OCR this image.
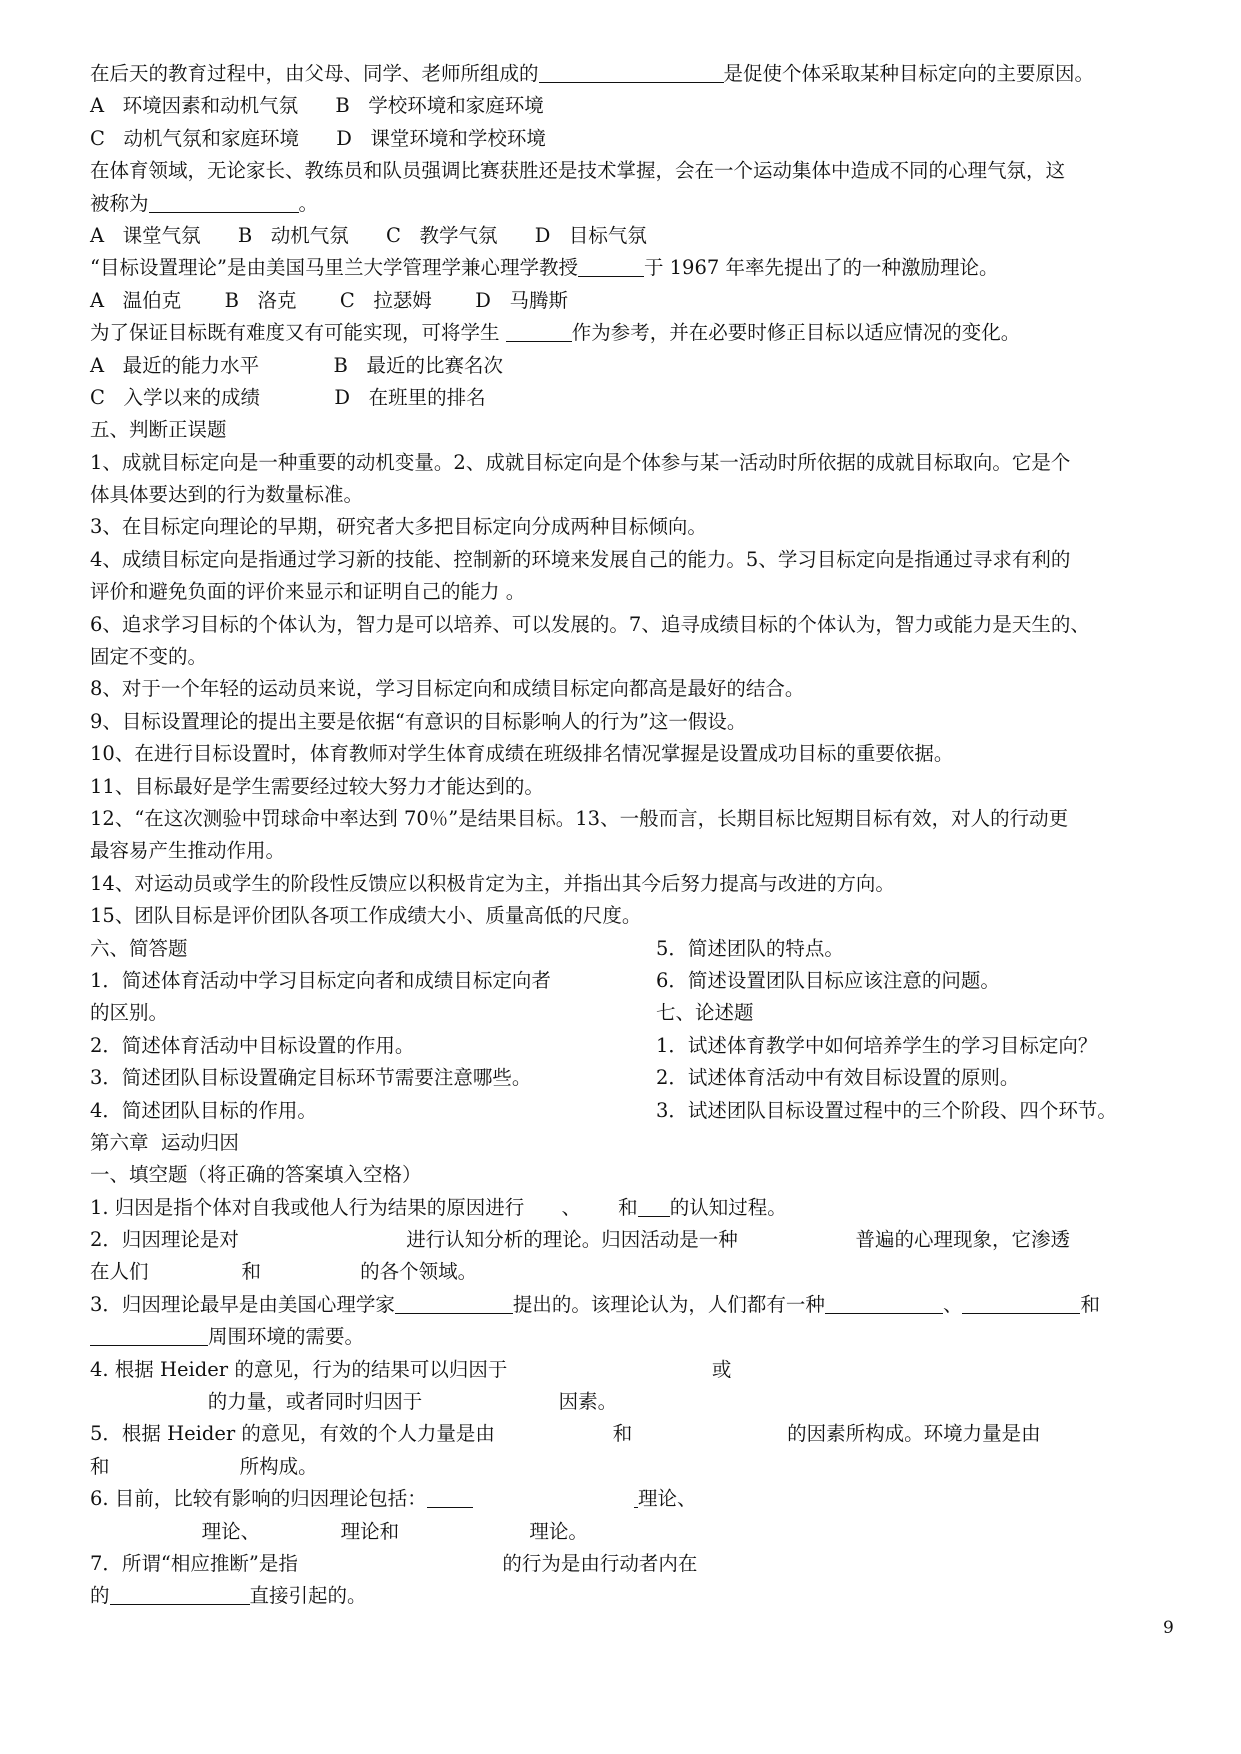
在后天的教育过程中，由父母、同学、老师所组成的	是促使个体采取某种目标定向的主要原因。
A   环境因素和动机气氛      B   学校环境和家庭环境
C   动机气氛和家庭环境      D   课堂环境和学校环境
在体育领域，无论家长、教练员和队员强调比赛获胜还是技术掌握，会在一个运动集体中造成不同的心理气氛，这
被称为	。
A   课堂气氛      B   动机气氛      C   教学气氛      D   目标气氛
“目标设置理论”是由美国马里兰大学管理学兼心理学教授	于 1967 年率先提出了的一种激励理论。
A   温伯克       B   洛克       C   拉瑟姆       D   马腾斯
为了保证目标既有难度又有可能实现，可将学生	作为参考，并在必要时修正目标以适应情况的变化。
A   最近的能力水平            B   最近的比赛名次
C   入学以来的成绩            D   在班里的排名
五、判断正误题
1、成就目标定向是一种重要的动机变量。2、成就目标定向是个体参与某一活动时所依据的成就目标取向。它是个
体具体要达到的行为数量标准。
3、在目标定向理论的早期，研究者大多把目标定向分成两种目标倾向。
4、成绩目标定向是指通过学习新的技能、控制新的环境来发展自己的能力。5、学习目标定向是指通过寻求有利的
评价和避免负面的评价来显示和证明自己的能力 。
6、追求学习目标的个体认为，智力是可以培养、可以发展的。7、追寻成绩目标的个体认为，智力或能力是天生的、
固定不变的。
8、对于一个年轻的运动员来说，学习目标定向和成绩目标定向都高是最好的结合。
9、目标设置理论的提出主要是依据“有意识的目标影响人的行为”这一假设。
10、在进行目标设置时，体育教师对学生体育成绩在班级排名情况掌握是设置成功目标的重要依据。
11、目标最好是学生需要经过较大努力才能达到的。
12、“在这次测验中罚球命中率达到 70％”是结果目标。13、一般而言，长期目标比短期目标有效，对人的行动更
最容易产生推动作用。
14、对运动员或学生的阶段性反馈应以积极肯定为主，并指出其今后努力提高与改进的方向。
15、团队目标是评价团队各项工作成绩大小、质量高低的尺度。
六、简答题
1．简述体育活动中学习目标定向者和成绩目标定向者
的区别。
2．简述体育活动中目标设置的作用。
3．简述团队目标设置确定目标环节需要注意哪些。
4．简述团队目标的作用。
5．简述团队的特点。
6．简述设置团队目标应该注意的问题。
七、论述题
1．试述体育教学中如何培养学生的学习目标定向？
2．试述体育活动中有效目标设置的原则。
3．试述团队目标设置过程中的三个阶段、四个环节。
第六章  运动归因
一、填空题（将正确的答案填入空格）
1. 归因是指个体对自我或他人行为结果的原因进行      、      和 的认知过程。
2．归因理论是对                           进行认知分析的理论。归因活动是一种                   普遍的心理现象，它渗透
在人们               和                的各个领域。
3．归因理论最早是由美国心理学家	提出的。该理论认为，人们都有一种	、	和
周围环境的需要。
4. 根据 Heider 的意见，行为的结果可以归因于                                 或
的力量，或者同时归因于                      因素。
5．根据 Heider 的意见，有效的个人力量是由                   和                         的因素所构成。环境力量是由
和                     所构成。
6. 目前，比较有影响的归因理论包括：	理论、
理论、             理论和                     理论。
7．所谓“相应推断”是指                                 的行为是由行动者内在
的	直接引起的。
9
